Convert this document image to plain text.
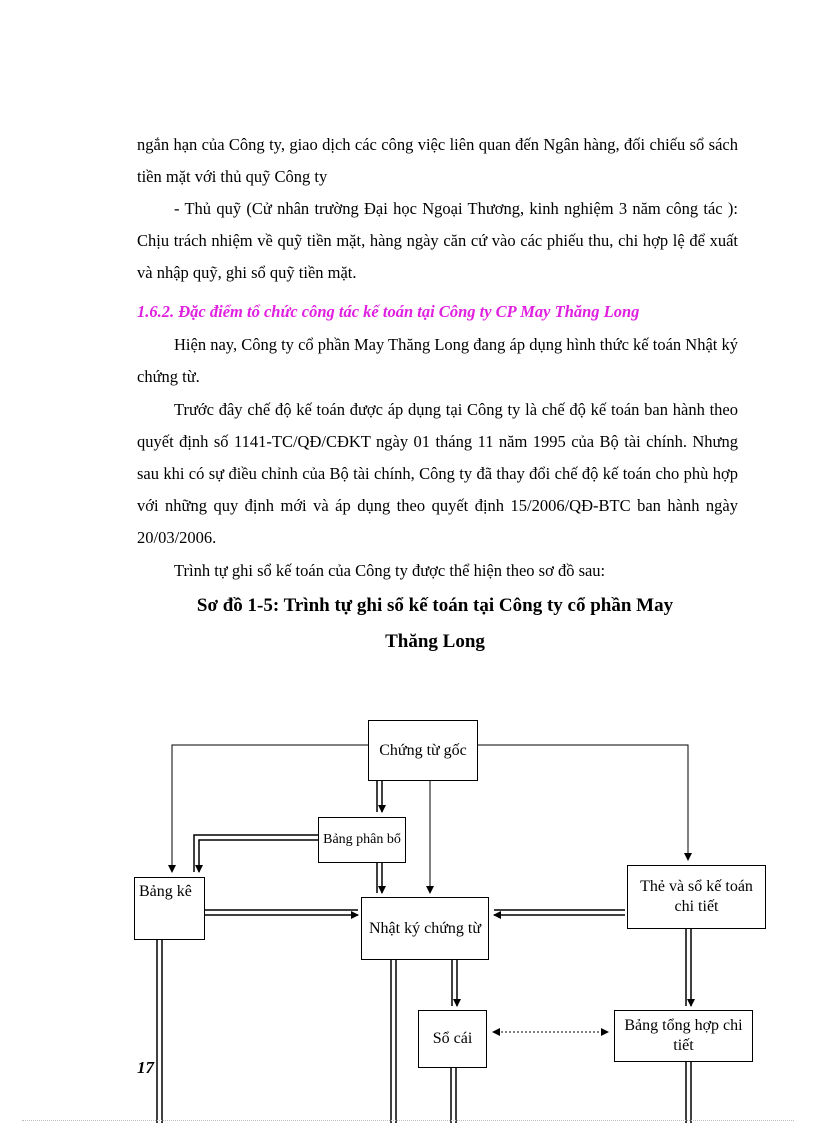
ngắn hạn của Công ty, giao dịch các công việc liên quan đến Ngân hàng, đối chiếu sổ sách tiền mặt với thủ quỹ Công ty

- Thủ quỹ (Cử nhân trường Đại học Ngoại Thương, kinh nghiệm 3 năm công tác ): Chịu trách nhiệm về quỹ tiền mặt, hàng ngày căn cứ vào các phiếu thu, chi hợp lệ để xuất và nhập quỹ, ghi sổ quỹ tiền mặt.

1.6.2. Đặc điểm tổ chức công tác kế toán tại Công ty CP May Thăng Long

Hiện nay, Công ty cổ phần May Thăng Long đang áp dụng hình thức kế toán Nhật ký chứng từ.

Trước đây chế độ kế toán được áp dụng tại Công ty là chế độ kế toán ban hành theo quyết định số 1141-TC/QĐ/CĐKT ngày 01 tháng 11 năm 1995 của Bộ tài chính. Nhưng sau khi có sự điều chỉnh của Bộ tài chính, Công ty đã thay đổi chế độ kế toán cho phù hợp với những quy định mới và áp dụng theo quyết định 15/2006/QĐ-BTC ban hành ngày 20/03/2006.

Trình tự ghi sổ kế toán của Công ty được thể hiện theo sơ đồ sau:

Sơ đồ 1-5: Trình tự ghi sổ kế toán tại Công ty cổ phần May

Thăng Long

Chứng từ gốc
Bảng phân bổ
Bảng kê
Nhật ký chứng từ
Thẻ và sổ kế toán chi tiết
Sổ cái
Bảng tổng hợp chi tiết
17
